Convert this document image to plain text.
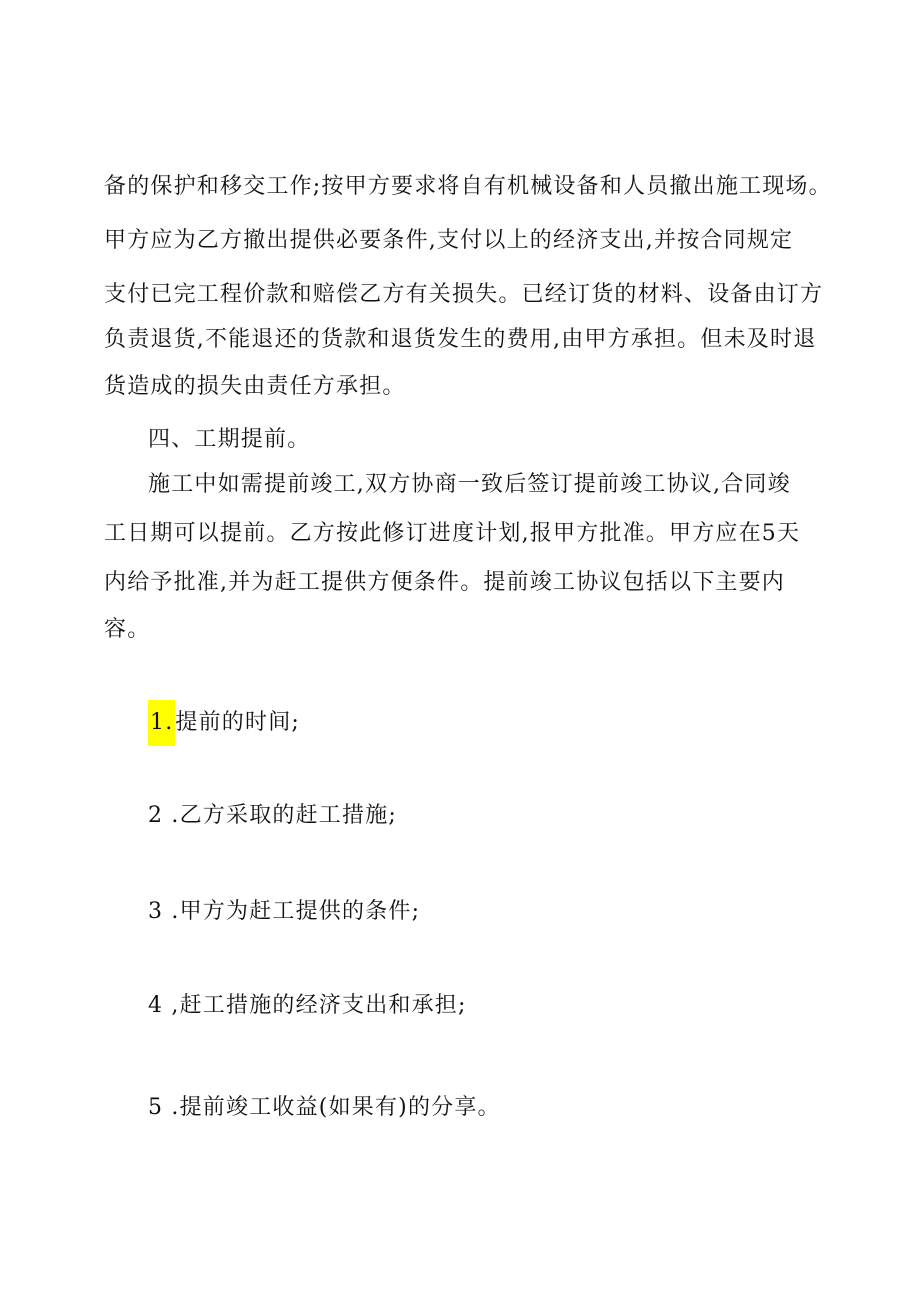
备的保护和移交工作;按甲方要求将自有机械设备和人员撤出施工现场。
甲方应为乙方撤出提供必要条件,支付以上的经济支出,并按合同规定
支付已完工程价款和赔偿乙方有关损失。已经订货的材料、设备由订方
负责退货,不能退还的货款和退货发生的费用,由甲方承担。但未及时退
货造成的损失由责任方承担。
四、工期提前。
施工中如需提前竣工,双方协商一致后签订提前竣工协议,合同竣
工日期可以提前。乙方按此修订进度计划,报甲方批准。甲方应在5天
内给予批准,并为赶工提供方便条件。提前竣工协议包括以下主要内
容。
1.提前的时间;
2 .乙方采取的赶工措施;
3 .甲方为赶工提供的条件;
4 ,赶工措施的经济支出和承担;
5 .提前竣工收益(如果有)的分享。
